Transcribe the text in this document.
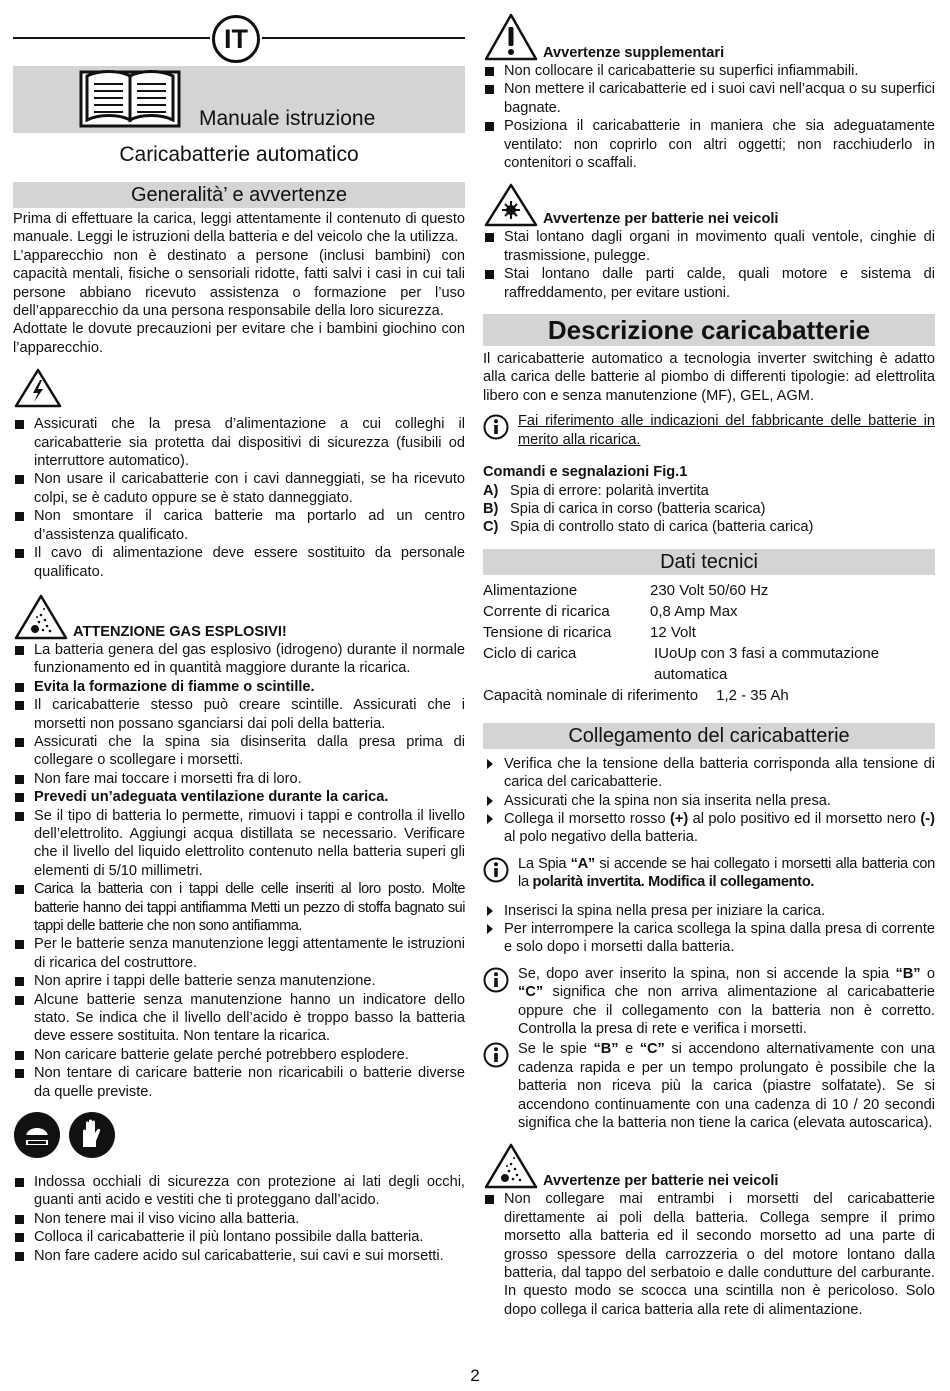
IT
Manuale istruzione
Caricabatterie automatico
Generalità’ e avvertenze

Prima di effettuare la carica, leggi attentamente il contenuto di questo manuale. Leggi le istruzioni della batteria e del veicolo che la utilizza.

L’apparecchio non è destinato a persone (inclusi bambini) con capacità mentali, fisiche o sensoriali ridotte, fatti salvi i casi in cui tali persone abbiano ricevuto assistenza o formazione per l’uso dell’apparecchio da una persona responsabile della loro sicurezza.

Adottate le dovute precauzioni per evitare che i bambini giochino con l’apparecchio.

Assicurati che la presa d’alimentazione a cui colleghi il caricabatterie sia protetta dai dispositivi di sicurezza (fusibili od interruttore automatico).
Non usare il caricabatterie con i cavi danneggiati, se ha ricevuto colpi, se è caduto oppure se è stato danneggiato.
Non smontare il carica batterie ma portarlo ad un centro d’assistenza qualificato.
Il cavo di alimentazione deve essere sostituito da personale qualificato.
ATTENZIONE GAS ESPLOSIVI!
La batteria genera del gas esplosivo (idrogeno) durante il normale funzionamento ed in quantità maggiore durante la ricarica.
Evita la formazione di fiamme o scintille.
Il caricabatterie stesso può creare scintille. Assicurati che i morsetti non possano sganciarsi dai poli della batteria.
Assicurati che la spina sia disinserita dalla presa prima di collegare o scollegare i morsetti.
Non fare mai toccare i morsetti fra di loro.
Prevedi un’adeguata ventilazione durante la carica.
Se il tipo di batteria lo permette, rimuovi i tappi e controlla il livello dell’elettrolito. Aggiungi acqua distillata se necessario. Verificare che il livello del liquido elettrolito contenuto nella batteria superi gli elementi di 5/10 millimetri.
Carica la batteria con i tappi delle celle inseriti al loro posto. Molte batterie hanno dei tappi antifiamma Metti un pezzo di stoffa bagnato sui tappi delle batterie che non sono antifiamma.
Per le batterie senza manutenzione leggi attentamente le istruzioni di ricarica del costruttore.
Non aprire i tappi delle batterie senza manutenzione.
Alcune batterie senza manutenzione hanno un indicatore dello stato. Se indica che il livello dell’acido è troppo basso la batteria deve essere sostituita. Non tentare la ricarica.
Non caricare batterie gelate perché potrebbero esplodere.
Non tentare di caricare batterie non ricaricabili o batterie diverse da quelle previste.
Indossa occhiali di sicurezza con protezione ai lati degli occhi, guanti anti acido e vestiti che ti proteggano dall’acido.
Non tenere mai il viso vicino alla batteria.
Colloca il caricabatterie il più lontano possibile dalla batteria.
Non fare cadere acido sul caricabatterie, sui cavi e sui morsetti.
Avvertenze supplementari
Non collocare il caricabatterie su superfici infiammabili.
Non mettere il caricabatterie ed i suoi cavi nell’acqua o su superfici bagnate.
Posiziona il caricabatterie in maniera che sia adeguatamente ventilato: non coprirlo con altri oggetti; non racchiuderlo in contenitori o scaffali.
Avvertenze per batterie nei veicoli
Stai lontano dagli organi in movimento quali ventole, cinghie di trasmissione, pulegge.
Stai lontano dalle parti calde, quali motore e sistema di raffreddamento, per evitare ustioni.
Descrizione caricabatterie

Il caricabatterie automatico a tecnologia inverter switching è adatto alla carica delle batterie al piombo di differenti tipologie: ad elettrolita libero con e senza manutenzione (MF), GEL, AGM.

Fai riferimento alle indicazioni del fabbricante delle batterie in merito alla ricarica.

Comandi e segnalazioni Fig.1
A) Spia di errore: polarità invertita
B) Spia di carica in corso (batteria scarica)
C) Spia di controllo stato di carica (batteria carica)
Dati tecnici
Alimentazione	230 Volt 50/60 Hz
Corrente di ricarica	0,8 Amp Max
Tensione di ricarica	12 Volt
Ciclo di carica	IUoUp con 3 fasi a commutazione automatica
Capacità nominale di riferimento 1,2 - 35 Ah
Collegamento del caricabatterie
Verifica che la tensione della batteria corrisponda alla tensione di carica del caricabatterie.
Assicurati che la spina non sia inserita nella presa.
Collega il morsetto rosso (+) al polo positivo ed il morsetto nero (-) al polo negativo della batteria.

La Spia “A” si accende se hai collegato i morsetti alla batteria con la polarità invertita. Modifica il collegamento.

Inserisci la spina nella presa per iniziare la carica.
Per interrompere la carica scollega la spina dalla presa di corrente e solo dopo i morsetti dalla batteria.

Se, dopo aver inserito la spina, non si accende la spia “B” o “C” significa che non arriva alimentazione al caricabatterie oppure che il collegamento con la batteria non è corretto. Controlla la presa di rete e verifica i morsetti.

Se le spie “B” e “C” si accendono alternativamente con una cadenza rapida e per un tempo prolungato è possibile che la batteria non riceva più la carica (piastre solfatate). Se si accendono continuamente con una cadenza di 10 / 20 secondi significa che la batteria non tiene la carica (elevata autoscarica).

Avvertenze per batterie nei veicoli
Non collegare mai entrambi i morsetti del caricabatterie direttamente ai poli della batteria. Collega sempre il primo morsetto alla batteria ed il secondo morsetto ad una parte di grosso spessore della carrozzeria o del motore lontano dalla batteria, dal tappo del serbatoio e dalle condutture del carburante. In questo modo se scocca una scintilla non è pericoloso. Solo dopo collega il carica batteria alla rete di alimentazione.
2
